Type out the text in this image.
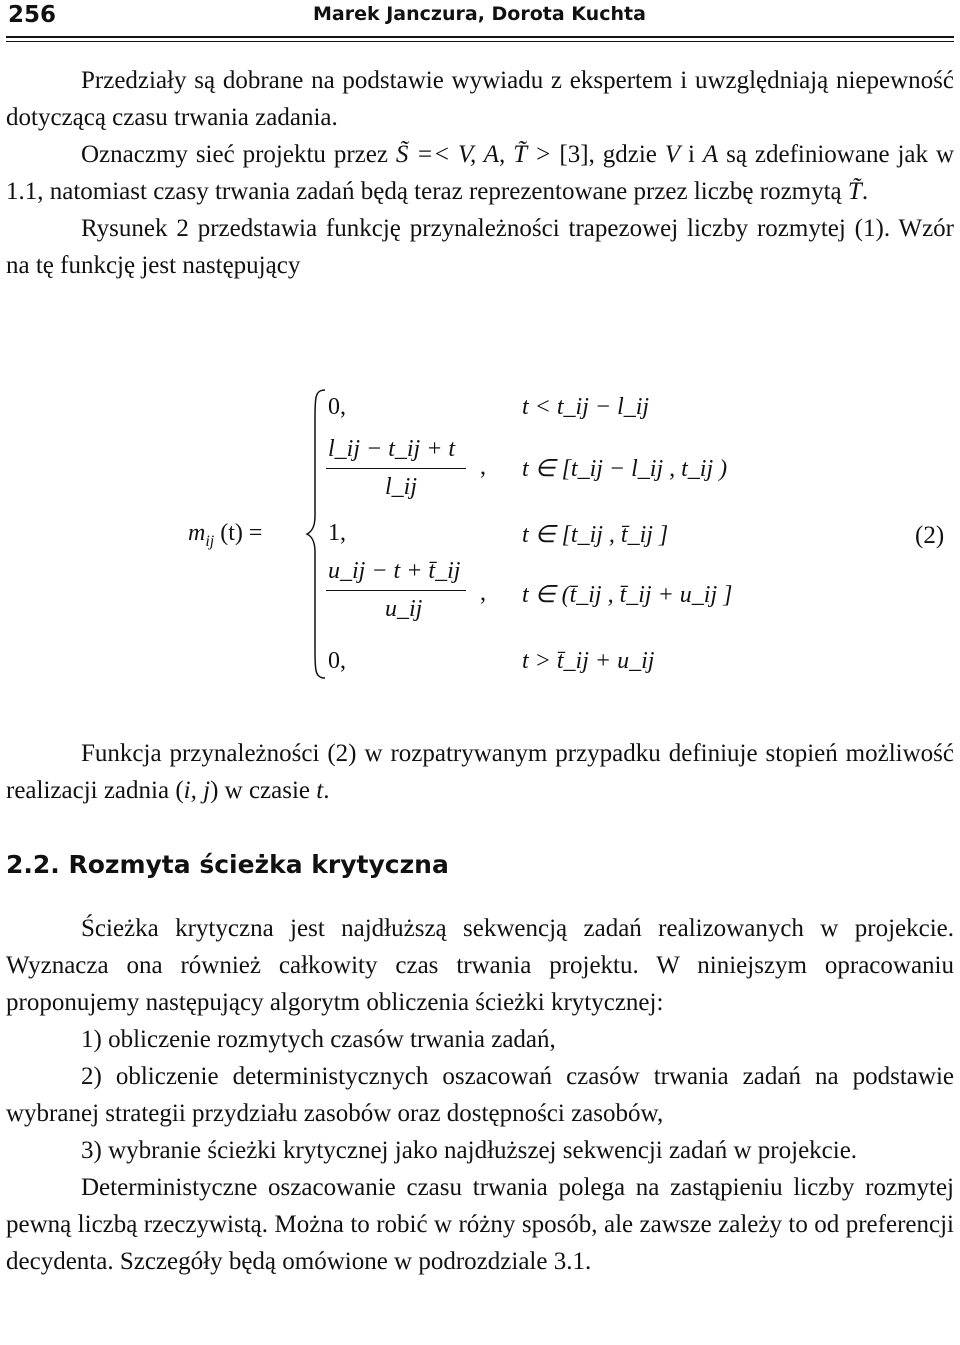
256	Marek Janczura, Dorota Kuchta

Przedziały są dobrane na podstawie wywiadu z ekspertem i uwzględniają niepewność dotyczącą czasu trwania zadania.

Oznaczmy sieć projektu przez S̃ =< V, A, T̃ > [3], gdzie V i A są zdefiniowane jak w 1.1, natomiast czasy trwania zadań będą teraz reprezentowane przez liczbę rozmytą T̃.

Rysunek 2 przedstawia funkcję przynależności trapezowej liczby rozmytej (1). Wzór na tę funkcję jest następujący

$m_{ij}$ (t) =
0,	t < t_ij − l_ij
l_ij − t_ij + t
l_ij
, t ∈ [t_ij − l_ij , t_ij )
1,	t ∈ [t_ij , t̄_ij ]
u_ij − t + t̄_ij
u_ij
, t ∈ (t̄_ij , t̄_ij + u_ij ]
0,	t > t̄_ij + u_ij
(2)

Funkcja przynależności (2) w rozpatrywanym przypadku definiuje stopień możliwość realizacji zadnia (i, j) w czasie t.

2.2. Rozmyta ścieżka krytyczna

Ścieżka krytyczna jest najdłuższą sekwencją zadań realizowanych w projekcie. Wyznacza ona również całkowity czas trwania projektu. W niniejszym opracowaniu proponujemy następujący algorytm obliczenia ścieżki krytycznej:

1) obliczenie rozmytych czasów trwania zadań,

2) obliczenie deterministycznych oszacowań czasów trwania zadań na podstawie wybranej strategii przydziału zasobów oraz dostępności zasobów,

3) wybranie ścieżki krytycznej jako najdłuższej sekwencji zadań w projekcie.

Deterministyczne oszacowanie czasu trwania polega na zastąpieniu liczby rozmytej pewną liczbą rzeczywistą. Można to robić w różny sposób, ale zawsze zależy to od preferencji decydenta. Szczegóły będą omówione w podrozdziale 3.1.
